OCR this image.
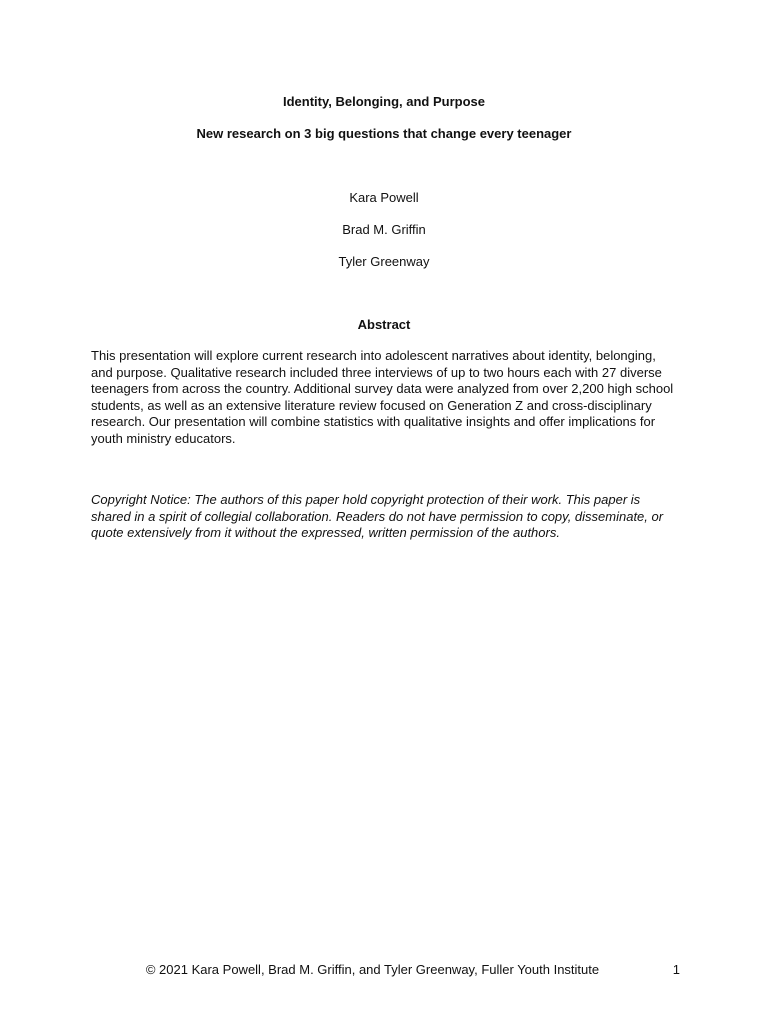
Identity, Belonging, and Purpose
New research on 3 big questions that change every teenager
Kara Powell
Brad M. Griffin
Tyler Greenway
Abstract
This presentation will explore current research into adolescent narratives about identity, belonging, and purpose. Qualitative research included three interviews of up to two hours each with 27 diverse teenagers from across the country. Additional survey data were analyzed from over 2,200 high school students, as well as an extensive literature review focused on Generation Z and cross-disciplinary research. Our presentation will combine statistics with qualitative insights and offer implications for youth ministry educators.
Copyright Notice: The authors of this paper hold copyright protection of their work. This paper is shared in a spirit of collegial collaboration. Readers do not have permission to copy, disseminate, or quote extensively from it without the expressed, written permission of the authors.
© 2021 Kara Powell, Brad M. Griffin, and Tyler Greenway, Fuller Youth Institute	1
